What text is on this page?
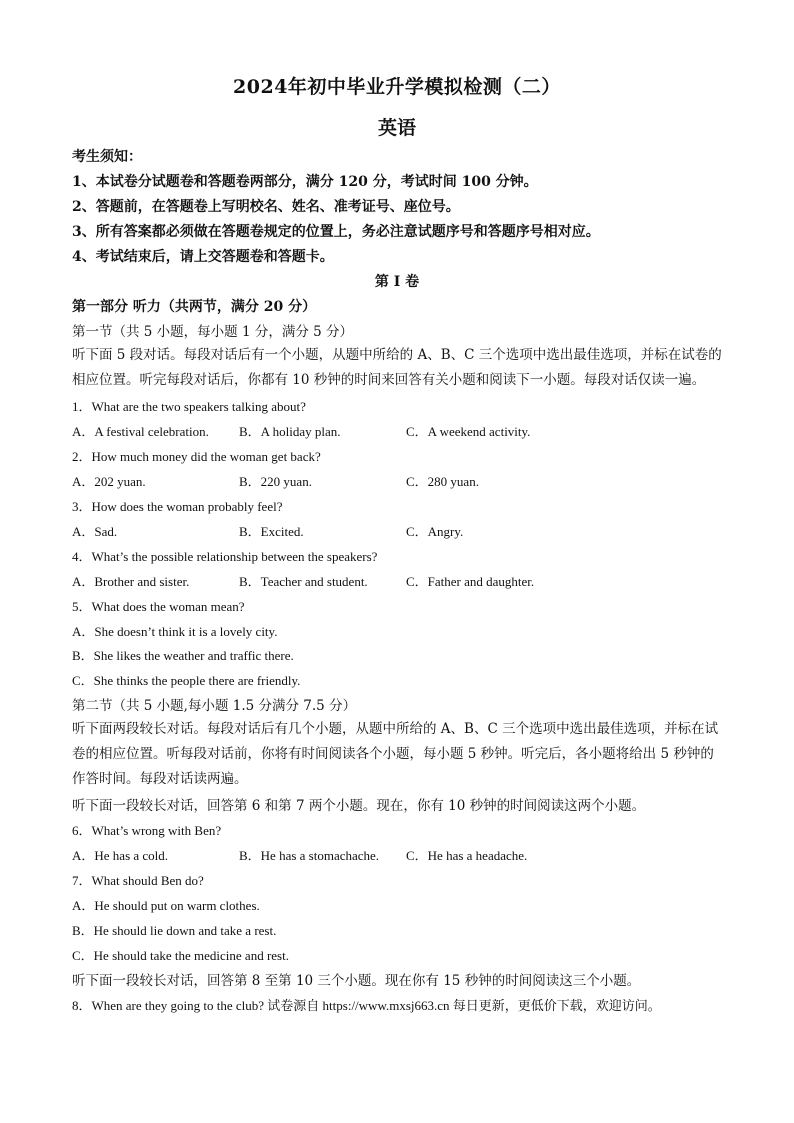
2024年初中毕业升学模拟检测（二）
英语
考生须知：
1、本试卷分试题卷和答题卷两部分，满分 120 分，考试时间 100 分钟。
2、答题前，在答题卷上写明校名、姓名、准考证号、座位号。
3、所有答案都必须做在答题卷规定的位置上，务必注意试题序号和答题序号相对应。
4、考试结束后，请上交答题卷和答题卡。
第 I 卷
第一部分 听力（共两节，满分 20 分）
第一节（共 5 小题，每小题 1 分，满分 5 分）
听下面 5 段对话。每段对话后有一个小题，从题中所给的 A、B、C 三个选项中选出最佳选项，并标在试卷的相应位置。听完每段对话后，你都有 10 秒钟的时间来回答有关小题和阅读下一小题。每段对话仅读一遍。
1．What are the two speakers talking about?
A．A festival celebration. B．A holiday plan.	C．A weekend activity.
2．How much money did the woman get back?
A．202 yuan.	B．220 yuan.	C．280 yuan.
3．How does the woman probably feel?
A．Sad.	B．Excited.	C．Angry.
4．What’s the possible relationship between the speakers?
A．Brother and sister.	B．Teacher and student.	C．Father and daughter.
5．What does the woman mean?
A．She doesn’t think it is a lovely city.
B．She likes the weather and traffic there.
C．She thinks the people there are friendly.
第二节（共 5 小题,每小题 1.5 分满分 7.5 分）
听下面两段较长对话。每段对话后有几个小题，从题中所给的 A、B、C 三个选项中选出最佳选项，并标在试卷的相应位置。听每段对话前，你将有时间阅读各个小题，每小题 5 秒钟。听完后，各小题将给出 5 秒钟的作答时间。每段对话读两遍。
听下面一段较长对话，回答第 6 和第 7 两个小题。现在，你有 10 秒钟的时间阅读这两个小题。
6．What’s wrong with Ben?
A．He has a cold.	B．He has a stomachache. C．He has a headache.
7．What should Ben do?
A．He should put on warm clothes.
B．He should lie down and take a rest.
C．He should take the medicine and rest.
听下面一段较长对话，回答第 8 至第 10 三个小题。现在你有 15 秒钟的时间阅读这三个小题。
8．When are they going to the club? 试卷源自 https://www.mxsj663.cn 每日更新，更低价下载，欢迎访问。
